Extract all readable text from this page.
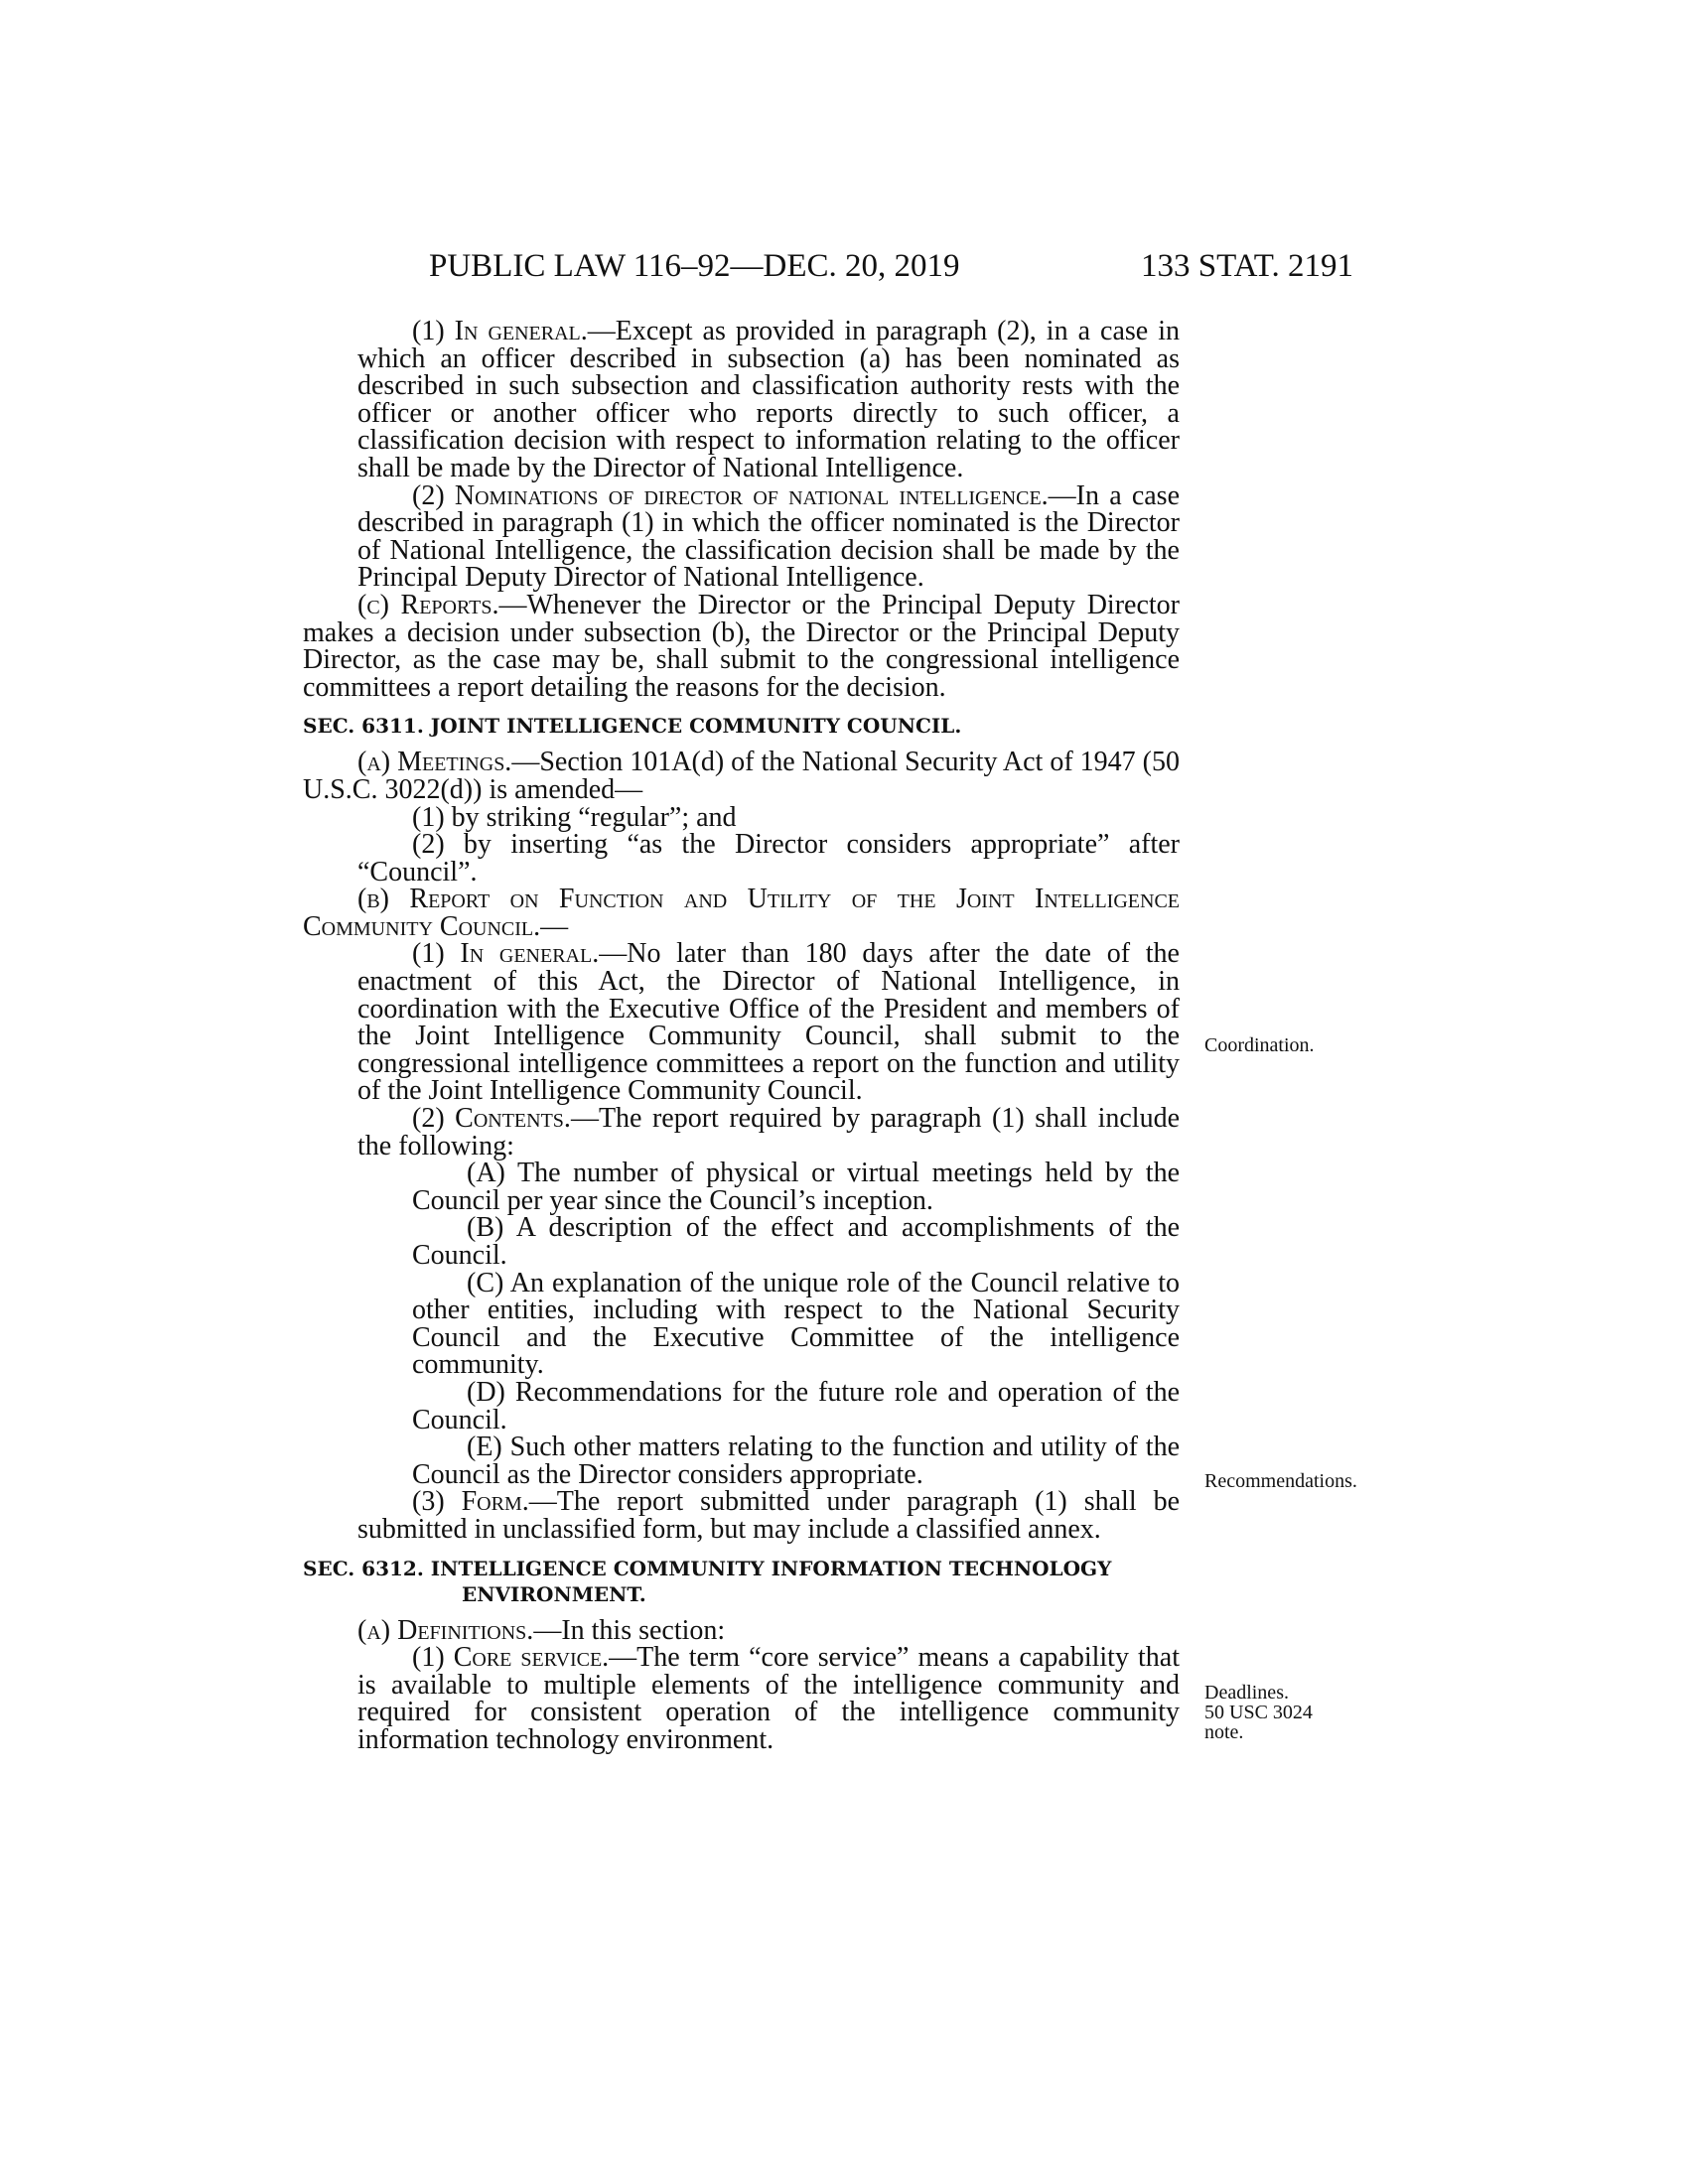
PUBLIC LAW 116–92—DEC. 20, 2019	133 STAT. 2191

(1) In general.—Except as provided in paragraph (2), in a case in which an officer described in subsection (a) has been nominated as described in such subsection and classification authority rests with the officer or another officer who reports directly to such officer, a classification decision with respect to information relating to the officer shall be made by the Director of National Intelligence.

(2) Nominations of director of national intelligence.—In a case described in paragraph (1) in which the officer nominated is the Director of National Intelligence, the classification decision shall be made by the Principal Deputy Director of National Intelligence.

(c) Reports.—Whenever the Director or the Principal Deputy Director makes a decision under subsection (b), the Director or the Principal Deputy Director, as the case may be, shall submit to the congressional intelligence committees a report detailing the reasons for the decision.

SEC. 6311. JOINT INTELLIGENCE COMMUNITY COUNCIL.

(a) Meetings.—Section 101A(d) of the National Security Act of 1947 (50 U.S.C. 3022(d)) is amended—

(1) by striking “regular”; and

(2) by inserting “as the Director considers appropriate” after “Council”.

(b) Report on Function and Utility of the Joint Intelligence Community Council.—

(1) In general.—No later than 180 days after the date of the enactment of this Act, the Director of National Intelligence, in coordination with the Executive Office of the President and members of the Joint Intelligence Community Council, shall submit to the congressional intelligence committees a report on the function and utility of the Joint Intelligence Community Council.

(2) Contents.—The report required by paragraph (1) shall include the following:

(A) The number of physical or virtual meetings held by the Council per year since the Council’s inception.

(B) A description of the effect and accomplishments of the Council.

(C) An explanation of the unique role of the Council relative to other entities, including with respect to the National Security Council and the Executive Committee of the intelligence community.

(D) Recommendations for the future role and operation of the Council.

(E) Such other matters relating to the function and utility of the Council as the Director considers appropriate.

(3) Form.—The report submitted under paragraph (1) shall be submitted in unclassified form, but may include a classified annex.

SEC. 6312. INTELLIGENCE COMMUNITY INFORMATION TECHNOLOGY
ENVIRONMENT.

(a) Definitions.—In this section:

(1) Core service.—The term “core service” means a capability that is available to multiple elements of the intelligence community and required for consistent operation of the intelligence community information technology environment.

Coordination.
Recommendations.
Deadlines.
50 USC 3024
note.
